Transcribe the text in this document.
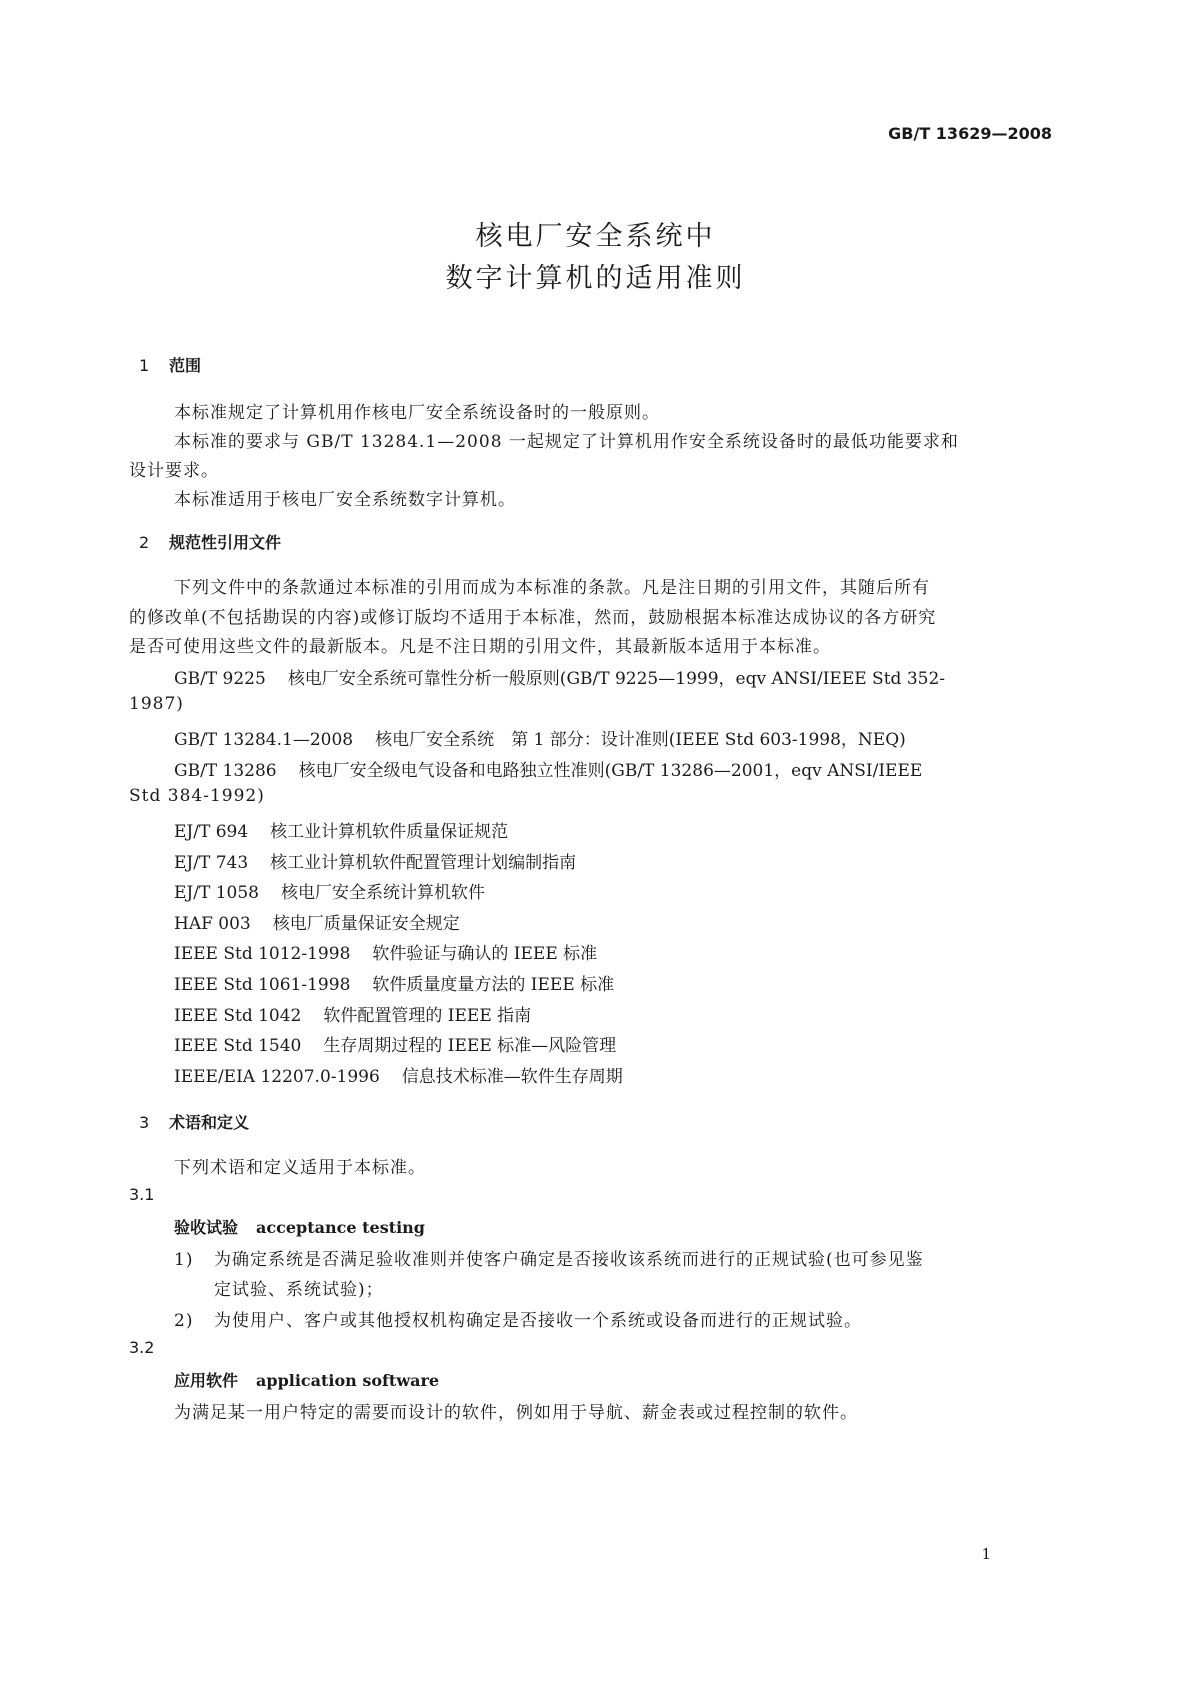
GB/T 13629—2008
核电厂安全系统中
数字计算机的适用准则
1 范围
本标准规定了计算机用作核电厂安全系统设备时的一般原则。
本标准的要求与 GB/T 13284.1—2008 一起规定了计算机用作安全系统设备时的最低功能要求和
设计要求。
本标准适用于核电厂安全系统数字计算机。
2 规范性引用文件
下列文件中的条款通过本标准的引用而成为本标准的条款。凡是注日期的引用文件，其随后所有
的修改单(不包括勘误的内容)或修订版均不适用于本标准，然而，鼓励根据本标准达成协议的各方研究
是否可使用这些文件的最新版本。凡是不注日期的引用文件，其最新版本适用于本标准。
GB/T 9225 核电厂安全系统可靠性分析一般原则(GB/T 9225—1999，eqv ANSI/IEEE Std 352-
1987)
GB/T 13284.1—2008 核电厂安全系统　第 1 部分：设计准则(IEEE Std 603-1998，NEQ)
GB/T 13286 核电厂安全级电气设备和电路独立性准则(GB/T 13286—2001，eqv ANSI/IEEE
Std 384-1992)
EJ/T 694 核工业计算机软件质量保证规范
EJ/T 743 核工业计算机软件配置管理计划编制指南
EJ/T 1058 核电厂安全系统计算机软件
HAF 003 核电厂质量保证安全规定
IEEE Std 1012-1998 软件验证与确认的 IEEE 标准
IEEE Std 1061-1998 软件质量度量方法的 IEEE 标准
IEEE Std 1042 软件配置管理的 IEEE 指南
IEEE Std 1540 生存周期过程的 IEEE 标准—风险管理
IEEE/EIA 12207.0-1996 信息技术标准—软件生存周期
3 术语和定义
下列术语和定义适用于本标准。
3.1
验收试验 acceptance testing
1) 为确定系统是否满足验收准则并使客户确定是否接收该系统而进行的正规试验(也可参见鉴
定试验、系统试验)；
2) 为使用户、客户或其他授权机构确定是否接收一个系统或设备而进行的正规试验。
3.2
应用软件 application software
为满足某一用户特定的需要而设计的软件，例如用于导航、薪金表或过程控制的软件。
1
